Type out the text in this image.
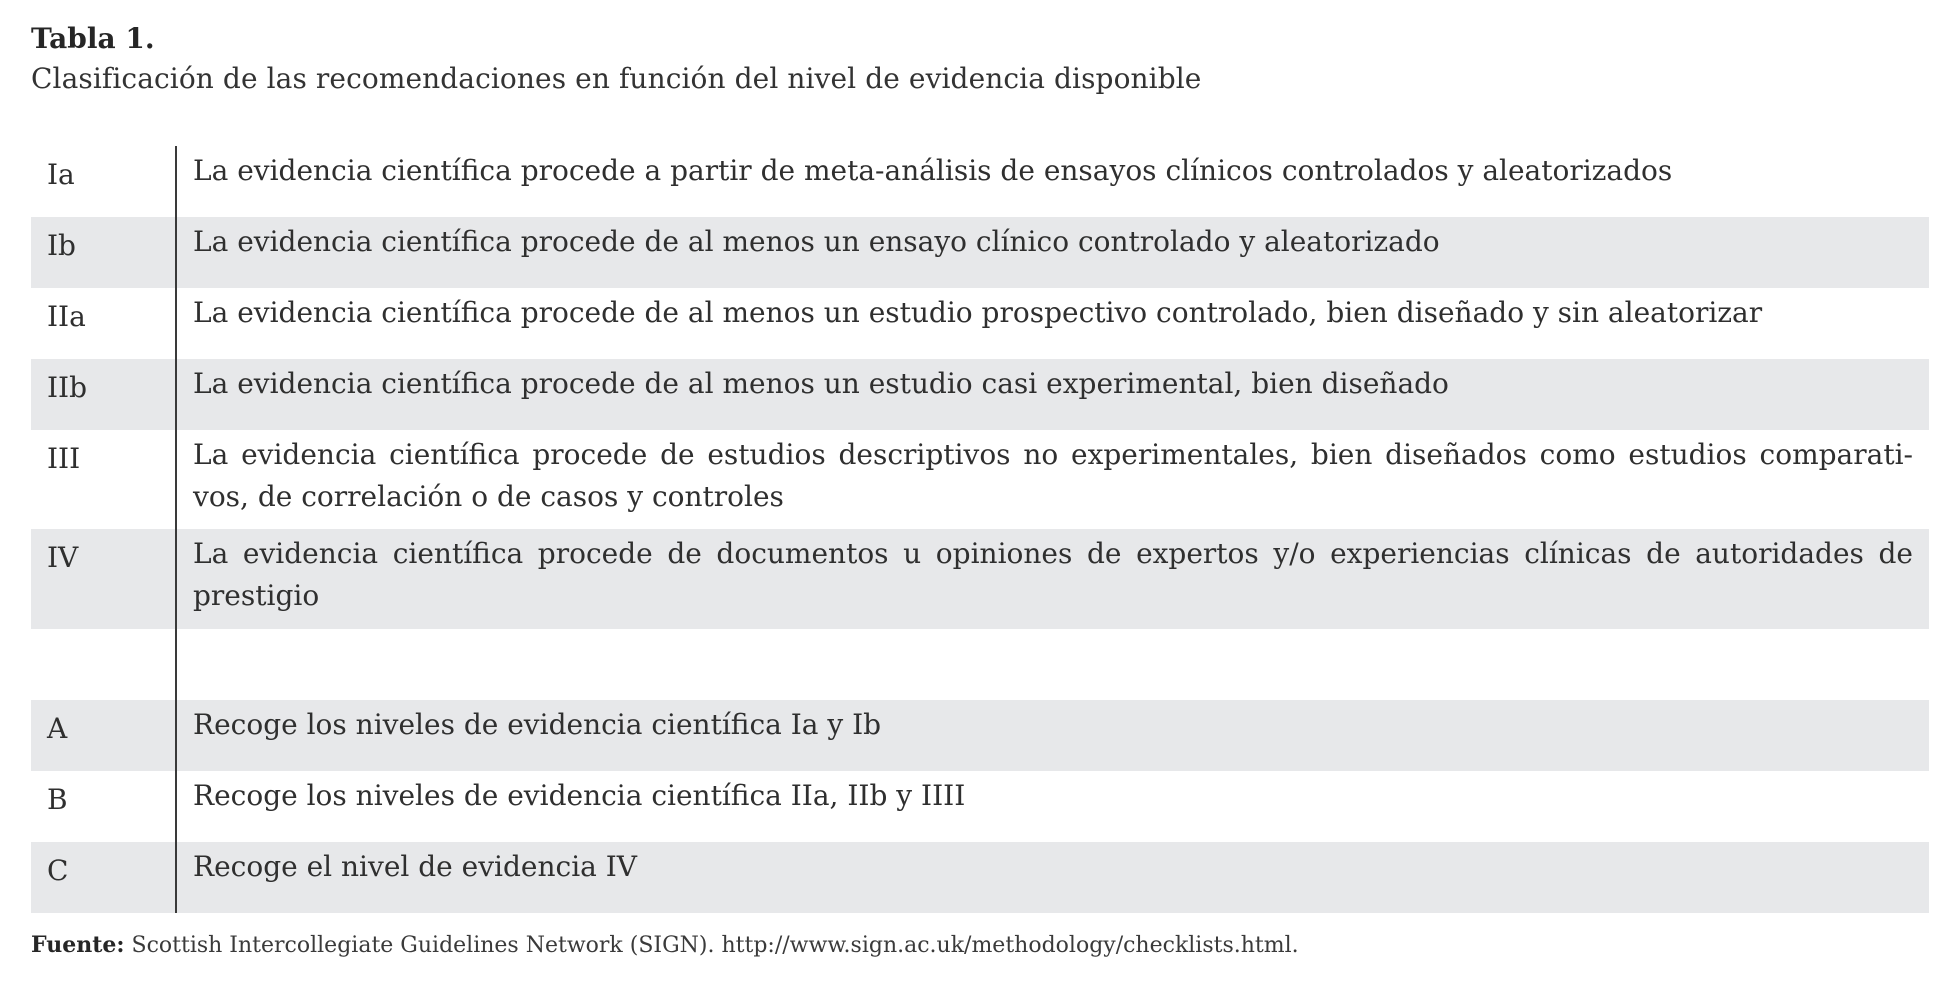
Tabla 1.
Clasificación de las recomendaciones en función del nivel de evidencia disponible
Ia	La evidencia científica procede a partir de meta-análisis de ensayos clínicos controlados y aleatorizados
Ib	La evidencia científica procede de al menos un ensayo clínico controlado y aleatorizado
IIa	La evidencia científica procede de al menos un estudio prospectivo controlado, bien diseñado y sin aleatorizar
IIb	La evidencia científica procede de al menos un estudio casi experimental, bien diseñado
III	La evidencia científica procede de estudios descriptivos no experimentales, bien diseñados como estudios comparati-vos, de correlación o de casos y controles
IV	La evidencia científica procede de documentos u opiniones de expertos y/o experiencias clínicas de autoridades de prestigio
A	Recoge los niveles de evidencia científica Ia y Ib
B	Recoge los niveles de evidencia científica IIa, IIb y IIII
C	Recoge el nivel de evidencia IV
Fuente: Scottish Intercollegiate Guidelines Network (SIGN). http://www.sign.ac.uk/methodology/checklists.html.
